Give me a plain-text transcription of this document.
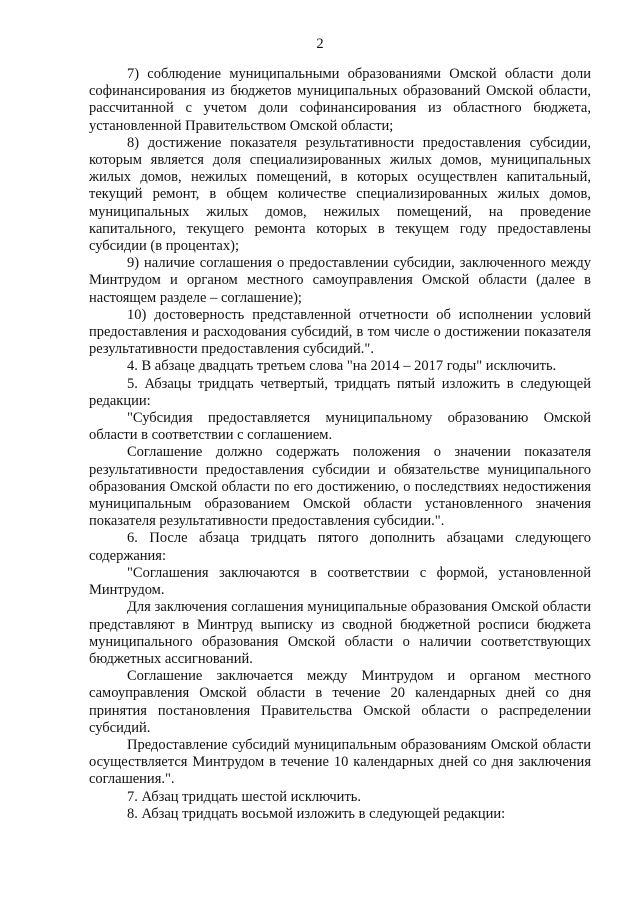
2

7) соблюдение муниципальными образованиями Омской области доли софинансирования из бюджетов муниципальных образований Омской области, рассчитанной с учетом доли софинансирования из областного бюджета, установленной Правительством Омской области;

8) достижение показателя результативности предоставления субсидии, которым является доля специализированных жилых домов, муниципальных жилых домов, нежилых помещений, в которых осуществлен капитальный, текущий ремонт, в общем количестве специализированных жилых домов, муниципальных жилых домов, нежилых помещений, на проведение капитального, текущего ремонта которых в текущем году предоставлены субсидии (в процентах);

9) наличие соглашения о предоставлении субсидии, заключенного между Минтрудом и органом местного самоуправления Омской области (далее в настоящем разделе – соглашение);

10) достоверность представленной отчетности об исполнении условий предоставления и расходования субсидий, в том числе о достижении показателя результативности предоставления субсидий.".

4. В абзаце двадцать третьем слова "на 2014 – 2017 годы" исключить.

5. Абзацы тридцать четвертый, тридцать пятый изложить в следующей редакции:

"Субсидия предоставляется муниципальному образованию Омской области в соответствии с соглашением.

Соглашение должно содержать положения о значении показателя результативности предоставления субсидии и обязательстве муниципального образования Омской области по его достижению, о последствиях недостижения муниципальным образованием Омской области установленного значения показателя результативности предоставления субсидии.".

6. После абзаца тридцать пятого дополнить абзацами следующего содержания:

"Соглашения заключаются в соответствии с формой, установленной Минтрудом.

Для заключения соглашения муниципальные образования Омской области представляют в Минтруд выписку из сводной бюджетной росписи бюджета муниципального образования Омской области о наличии соответствующих бюджетных ассигнований.

Соглашение заключается между Минтрудом и органом местного самоуправления Омской области в течение 20 календарных дней со дня принятия постановления Правительства Омской области о распределении субсидий.

Предоставление субсидий муниципальным образованиям Омской области осуществляется Минтрудом в течение 10 календарных дней со дня заключения соглашения.".

7. Абзац тридцать шестой исключить.

8. Абзац тридцать восьмой изложить в следующей редакции:
